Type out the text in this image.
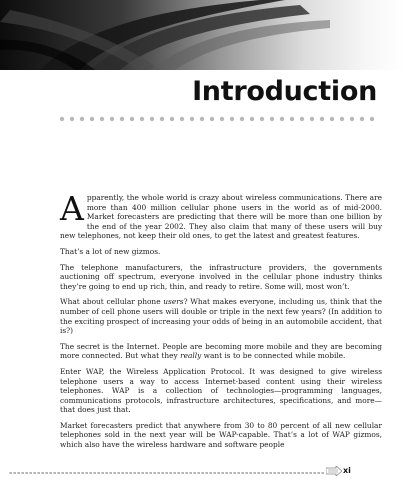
Introduction

Apparently, the whole world is crazy about wireless communications. There are more than 400 million cellular phone users in the world as of mid-2000. Market forecasters are predicting that there will be more than one billion by the end of the year 2002. They also claim that many of these users will buy new telephones, not keep their old ones, to get the latest and greatest features.

That’s a lot of new gizmos.

The telephone manufacturers, the infrastructure providers, the governments auctioning off spectrum, everyone involved in the cellular phone industry thinks they’re going to end up rich, thin, and ready to retire. Some will, most won’t.

What about cellular phone users? What makes everyone, including us, think that the number of cell phone users will double or triple in the next few years? (In addition to the exciting prospect of increasing your odds of being in an automobile accident, that is?)

The secret is the Internet. People are becoming more mobile and they are becoming more connected. But what they really want is to be connected while mobile.

Enter WAP, the Wireless Application Protocol. It was designed to give wireless telephone users a way to access Internet-based content using their wireless telephones. WAP is a collection of technologies—programming languages, communications protocols, infrastructure architectures, specifications, and more—that does just that.

Market forecasters predict that anywhere from 30 to 80 percent of all new cellular telephones sold in the next year will be WAP-capable. That’s a lot of WAP gizmos, which also have the wireless hardware and software people

xi
